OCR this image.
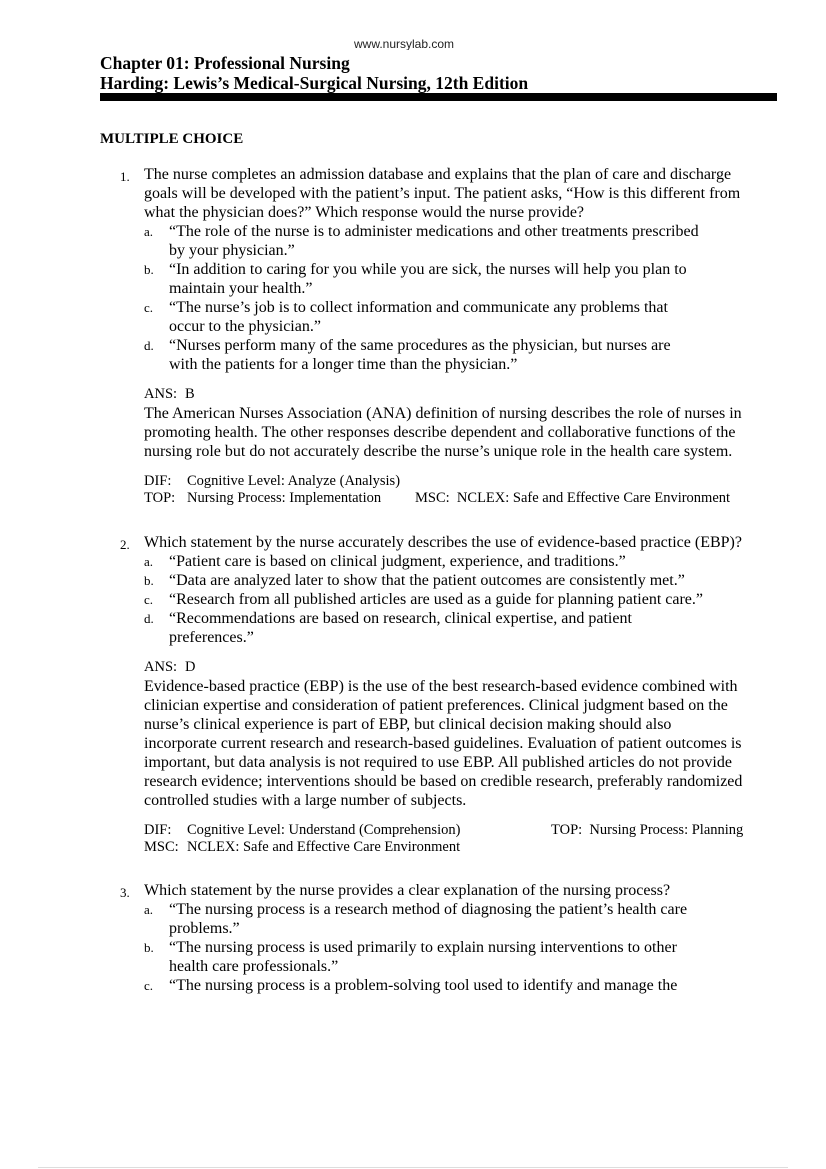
www.nursylab.com
Chapter 01: Professional Nursing
Harding: Lewis’s Medical-Surgical Nursing, 12th Edition
MULTIPLE CHOICE
1. The nurse completes an admission database and explains that the plan of care and discharge
goals will be developed with the patient’s input. The patient asks, “How is this different from
what the physician does?” Which response would the nurse provide?
a. “The role of the nurse is to administer medications and other treatments prescribed
by your physician.”
b. “In addition to caring for you while you are sick, the nurses will help you plan to
maintain your health.”
c. “The nurse’s job is to collect information and communicate any problems that
occur to the physician.”
d. “Nurses perform many of the same procedures as the physician, but nurses are
with the patients for a longer time than the physician.”
ANS: B
The American Nurses Association (ANA) definition of nursing describes the role of nurses in
promoting health. The other responses describe dependent and collaborative functions of the
nursing role but do not accurately describe the nurse’s unique role in the health care system.
DIF: Cognitive Level: Analyze (Analysis)
TOP: Nursing Process: Implementation MSC: NCLEX: Safe and Effective Care Environment
2. Which statement by the nurse accurately describes the use of evidence-based practice (EBP)?
a. “Patient care is based on clinical judgment, experience, and traditions.”
b. “Data are analyzed later to show that the patient outcomes are consistently met.”
c. “Research from all published articles are used as a guide for planning patient care.”
d. “Recommendations are based on research, clinical expertise, and patient
preferences.”
ANS: D
Evidence-based practice (EBP) is the use of the best research-based evidence combined with
clinician expertise and consideration of patient preferences. Clinical judgment based on the
nurse’s clinical experience is part of EBP, but clinical decision making should also
incorporate current research and research-based guidelines. Evaluation of patient outcomes is
important, but data analysis is not required to use EBP. All published articles do not provide
research evidence; interventions should be based on credible research, preferably randomized
controlled studies with a large number of subjects.
DIF: Cognitive Level: Understand (Comprehension)	TOP: Nursing Process: Planning
MSC: NCLEX: Safe and Effective Care Environment
3. Which statement by the nurse provides a clear explanation of the nursing process?
a. “The nursing process is a research method of diagnosing the patient’s health care
problems.”
b. “The nursing process is used primarily to explain nursing interventions to other
health care professionals.”
c. “The nursing process is a problem-solving tool used to identify and manage the
